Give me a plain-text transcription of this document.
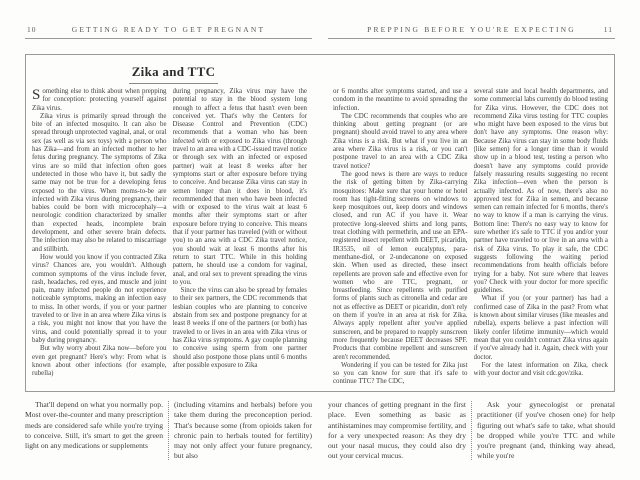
10	GETTING READY TO GET PREGNANT	PREPPING BEFORE YOU'RE EXPECTING	11
Zika and TTC

Something else to think about when prepping for conception: protecting yourself against Zika virus.

Zika virus is primarily spread through the bite of an infected mosquito. It can also be spread through unprotected vaginal, anal, or oral sex (as well as via sex toys) with a person who has Zika—and from an infected mother to her fetus during pregnancy. The symptoms of Zika virus are so mild that infection often goes undetected in those who have it, but sadly the same may not be true for a developing fetus exposed to the virus. When moms-to-be are infected with Zika virus during pregnancy, their babies could be born with microcephaly—a neurologic condition characterized by smaller than expected heads, incomplete brain development, and other severe brain defects. The infection may also be related to miscarriage and stillbirth.

How would you know if you contracted Zika virus? Chances are, you wouldn't. Although common symptoms of the virus include fever, rash, headaches, red eyes, and muscle and joint pain, many infected people do not experience noticeable symptoms, making an infection easy to miss. In other words, if you or your partner traveled to or live in an area where Zika virus is a risk, you might not know that you have the virus, and could potentially spread it to your baby during pregnancy.

But why worry about Zika now—before you even get pregnant? Here's why: From what is known about other infections (for example, rubella)

during pregnancy, Zika virus may have the potential to stay in the blood system long enough to affect a fetus that hasn't even been conceived yet. That's why the Centers for Disease Control and Prevention (CDC) recommends that a woman who has been infected with or exposed to Zika virus (through travel to an area with a CDC-issued travel notice or through sex with an infected or exposed partner) wait at least 8 weeks after her symptoms start or after exposure before trying to conceive. And because Zika virus can stay in semen longer than it does in blood, it's recommended that men who have been infected with or exposed to the virus wait at least 6 months after their symptoms start or after exposure before trying to conceive. This means that if your partner has traveled (with or without you) to an area with a CDC Zika travel notice, you should wait at least 6 months after his return to start TTC. While in this holding pattern, he should use a condom for vaginal, anal, and oral sex to prevent spreading the virus to you.

Since the virus can also be spread by females to their sex partners, the CDC recommends that lesbian couples who are planning to conceive abstain from sex and postpone pregnancy for at least 8 weeks if one of the partners (or both) has traveled to or lives in an area with Zika virus or has Zika virus symptoms. A gay couple planning to conceive using sperm from one partner should also postpone those plans until 6 months after possible exposure to Zika

or 6 months after symptoms started, and use a condom in the meantime to avoid spreading the infection.

The CDC recommends that couples who are thinking about getting pregnant (or are pregnant) should avoid travel to any area where Zika virus is a risk. But what if you live in an area where Zika virus is a risk, or you can't postpone travel to an area with a CDC Zika travel notice?

The good news is there are ways to reduce the risk of getting bitten by Zika-carrying mosquitoes: Make sure that your home or hotel room has tight-fitting screens on windows to keep mosquitoes out, keep doors and windows closed, and run AC if you have it. Wear protective long-sleeved shirts and long pants, treat clothing with permethrin, and use an EPA-registered insect repellent with DEET, picaridin, IR3535, oil of lemon eucalyptus, para-menthane-diol, or 2-undecanone on exposed skin. When used as directed, these insect repellents are proven safe and effective even for women who are TTC, pregnant, or breastfeeding. Since repellents with purified forms of plants such as citronella and cedar are not as effective as DEET or picaridin, don't rely on them if you're in an area at risk for Zika. Always apply repellent after you've applied sunscreen, and be prepared to reapply sunscreen more frequently because DEET decreases SPF. Products that combine repellent and sunscreen aren't recommended.

Wondering if you can be tested for Zika just so you can know for sure that it's safe to continue TTC? The CDC,

several state and local health departments, and some commercial labs currently do blood testing for Zika virus. However, the CDC does not recommend Zika virus testing for TTC couples who might have been exposed to the virus but don't have any symptoms. One reason why: Because Zika virus can stay in some body fluids (like semen) for a longer time than it would show up in a blood test, testing a person who doesn't have any symptoms could provide falsely reassuring results suggesting no recent Zika infection—even when the person is actually infected. As of now, there's also no approved test for Zika in semen, and because semen can remain infected for 6 months, there's no way to know if a man is carrying the virus. Bottom line: There's no easy way to know for sure whether it's safe to TTC if you and/or your partner have traveled to or live in an area with a risk of Zika virus. To play it safe, the CDC suggests following the waiting period recommendations from health officials before trying for a baby. Not sure where that leaves you? Check with your doctor for more specific guidelines.

What if you (or your partner) has had a confirmed case of Zika in the past? From what is known about similar viruses (like measles and rubella), experts believe a past infection will likely confer lifetime immunity—which would mean that you couldn't contract Zika virus again if you've already had it. Again, check with your doctor.

For the latest information on Zika, check with your doctor and visit cdc.gov/zika.

That'll depend on what you normally pop. Most over-the-counter and many prescription meds are considered safe while you're trying to conceive. Still, it's smart to get the green light on any medications or supplements

(including vitamins and herbals) before you take them during the preconception period. That's because some (from opioids taken for chronic pain to herbals touted for fertility) may not only affect your future pregnancy, but also

your chances of getting pregnant in the first place. Even something as basic as antihistamines may compromise fertility, and for a very unexpected reason: As they dry out your nasal mucus, they could also dry out your cervical mucus.

Ask your gynecologist or prenatal practitioner (if you've chosen one) for help figuring out what's safe to take, what should be dropped while you're TTC and while you're pregnant (and, thinking way ahead, while you're
